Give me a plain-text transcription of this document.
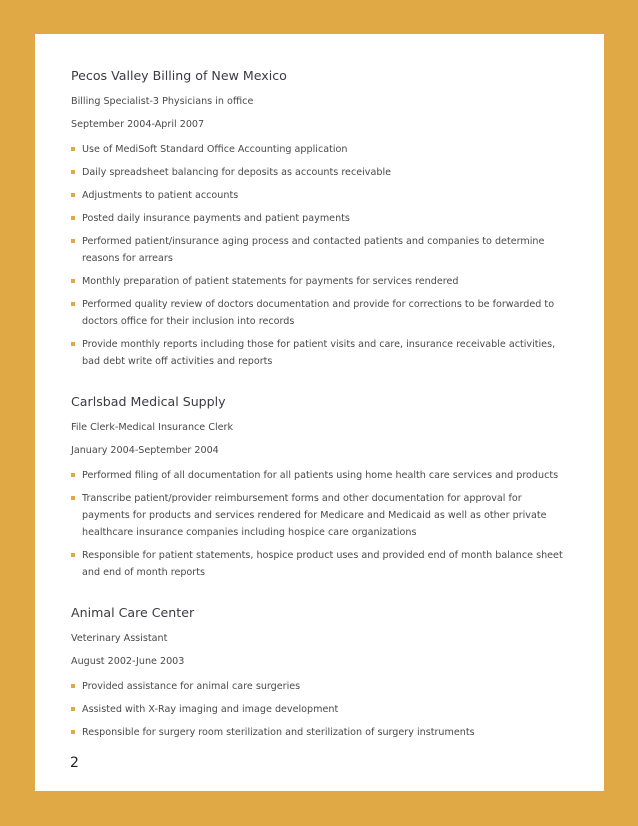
Pecos Valley Billing of New Mexico
Billing Specialist-3 Physicians in office
September 2004-April 2007
Use of MediSoft Standard Office Accounting application
Daily spreadsheet balancing for deposits as accounts receivable
Adjustments to patient accounts
Posted daily insurance payments and patient payments
Performed patient/insurance aging process and contacted patients and companies to determine reasons for arrears
Monthly preparation of patient statements for payments for services rendered
Performed quality review of doctors documentation and provide for corrections to be forwarded to doctors office for their inclusion into records
Provide monthly reports including those for patient visits and care, insurance receivable activities, bad debt write off activities and reports
Carlsbad Medical Supply
File Clerk-Medical Insurance Clerk
January 2004-September 2004
Performed filing of all documentation for all patients using home health care services and products
Transcribe patient/provider reimbursement forms and other documentation for approval for payments for products and services rendered for Medicare and Medicaid as well as other private healthcare insurance companies including hospice care organizations
Responsible for patient statements, hospice product uses and provided end of month balance sheet and end of month reports
Animal Care Center
Veterinary Assistant
August 2002-June 2003
Provided assistance for animal care surgeries
Assisted with X-Ray imaging and image development
Responsible for surgery room sterilization and sterilization of surgery instruments
2
